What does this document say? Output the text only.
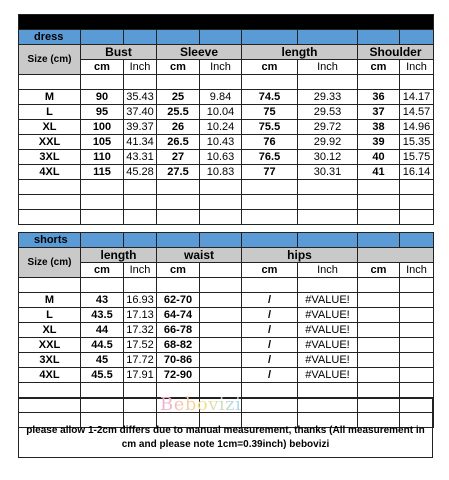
Measurement								
dress								
Size (cm)	Bust		Sleeve		length		Shoulder	
	cm	Inch	cm	Inch	cm	Inch	cm	Inch

M	90	35.43	25	9.84	74.5	29.33	36	14.17
L	95	37.40	25.5	10.04	75	29.53	37	14.57
XL	100	39.37	26	10.24	75.5	29.72	38	14.96
XXL	105	41.34	26.5	10.43	76	29.92	39	15.35
3XL	110	43.31	27	10.63	76.5	30.12	40	15.75
4XL	115	45.28	27.5	10.83	77	30.31	41	16.14

shorts								
Size (cm)	length		waist		hips			
	cm	Inch	cm		cm	Inch	cm	Inch

M	43	16.93	62-70		/	#VALUE!		
L	43.5	17.13	64-74		/	#VALUE!		
XL	44	17.32	66-78		/	#VALUE!		
XXL	44.5	17.52	68-82		/	#VALUE!		
3XL	45	17.72	70-86		/	#VALUE!		
4XL	45.5	17.91	72-90		/	#VALUE!		

Bebovizi
please allow 1-2cm differs due to manual measurement, thanks (All measurement in cm and please note 1cm=0.39inch) bebovizi
